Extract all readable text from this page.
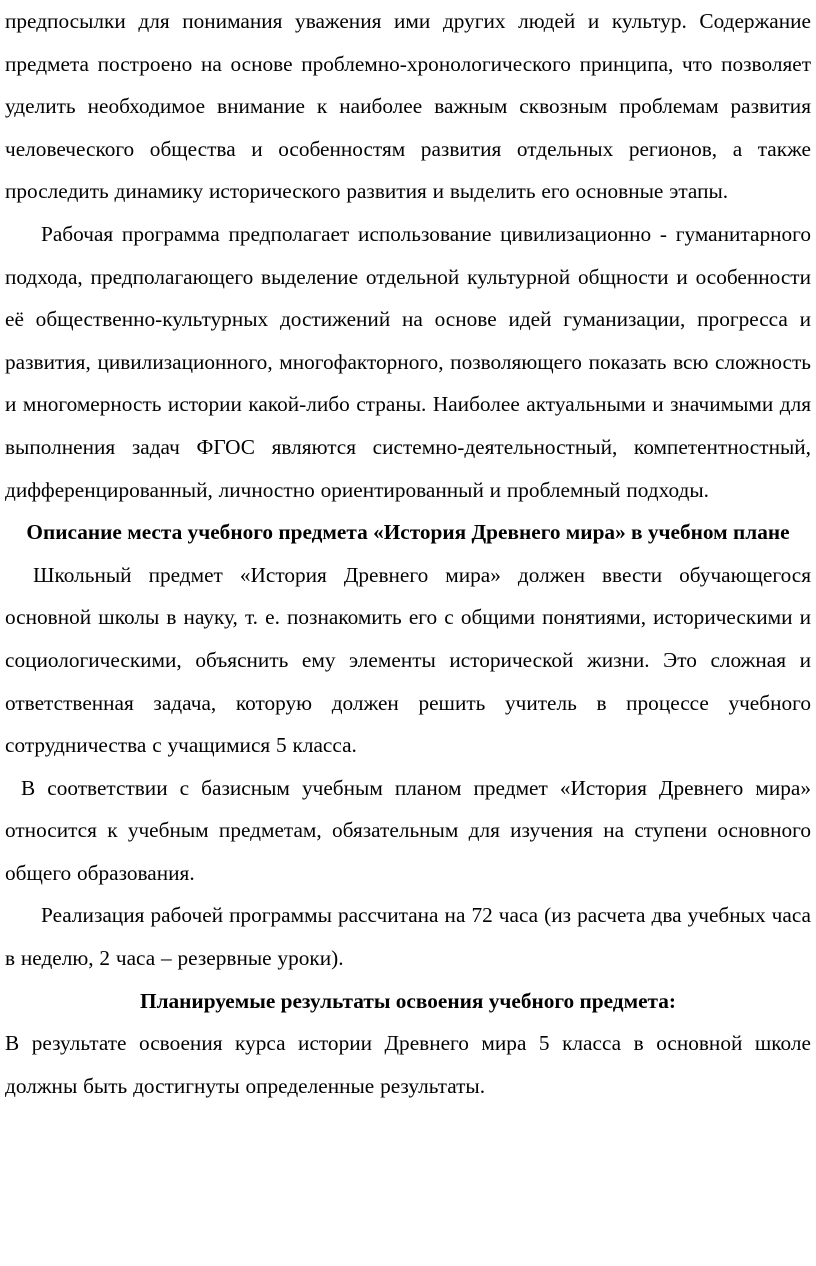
предпосылки для понимания уважения ими других людей и культур. Содержание предмета построено на основе проблемно-хронологического принципа, что позволяет уделить необходимое внимание к наиболее важным сквозным проблемам развития человеческого общества и особенностям развития отдельных регионов, а также проследить динамику исторического развития и выделить его основные этапы.

Рабочая программа предполагает использование цивилизационно - гуманитарного подхода, предполагающего выделение отдельной культурной общности и особенности её общественно-культурных достижений на основе идей гуманизации, прогресса и развития, цивилизационного, многофакторного, позволяющего показать всю сложность и многомерность истории какой-либо страны. Наиболее актуальными и значимыми для выполнения задач ФГОС являются системно-деятельностный, компетентностный, дифференцированный, личностно ориентированный и проблемный подходы.

Описание места учебного предмета «История Древнего мира» в учебном плане

Школьный предмет «История Древнего мира» должен ввести обучающегося основной школы в науку, т. е. познакомить его с общими понятиями, историческими и социологическими, объяснить ему элементы исторической жизни. Это сложная и ответственная задача, которую должен решить учитель в процессе учебного сотрудничества с учащимися 5 класса.

В соответствии с базисным учебным планом предмет «История Древнего мира» относится к учебным предметам, обязательным для изучения на ступени основного общего образования.

Реализация рабочей программы рассчитана на 72 часа (из расчета два учебных часа в неделю, 2 часа – резервные уроки).

Планируемые результаты освоения учебного предмета:

В результате освоения курса истории Древнего мира 5 класса в основной школе должны быть достигнуты определенные результаты.
